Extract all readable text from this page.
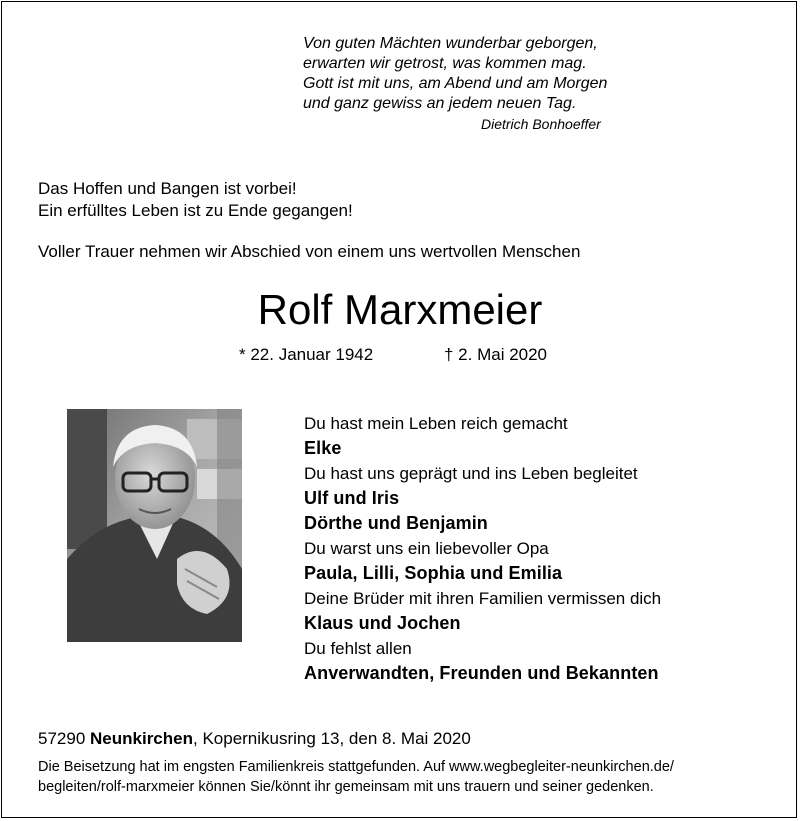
Von guten Mächten wunderbar geborgen,
erwarten wir getrost, was kommen mag.
Gott ist mit uns, am Abend und am Morgen
und ganz gewiss an jedem neuen Tag.
Dietrich Bonhoeffer
Das Hoffen und Bangen ist vorbei!
Ein erfülltes Leben ist zu Ende gegangen!
Voller Trauer nehmen wir Abschied von einem uns wertvollen Menschen
Rolf Marxmeier
* 22. Januar 1942	† 2. Mai 2020
Du hast mein Leben reich gemacht
Elke
Du hast uns geprägt und ins Leben begleitet
Ulf und Iris
Dörthe und Benjamin
Du warst uns ein liebevoller Opa
Paula, Lilli, Sophia und Emilia
Deine Brüder mit ihren Familien vermissen dich
Klaus und Jochen
Du fehlst allen
Anverwandten, Freunden und Bekannten
57290 Neunkirchen, Kopernikusring 13, den 8. Mai 2020
Die Beisetzung hat im engsten Familienkreis stattgefunden. Auf www.wegbegleiter-neunkirchen.de/
begleiten/rolf-marxmeier können Sie/könnt ihr gemeinsam mit uns trauern und seiner gedenken.
